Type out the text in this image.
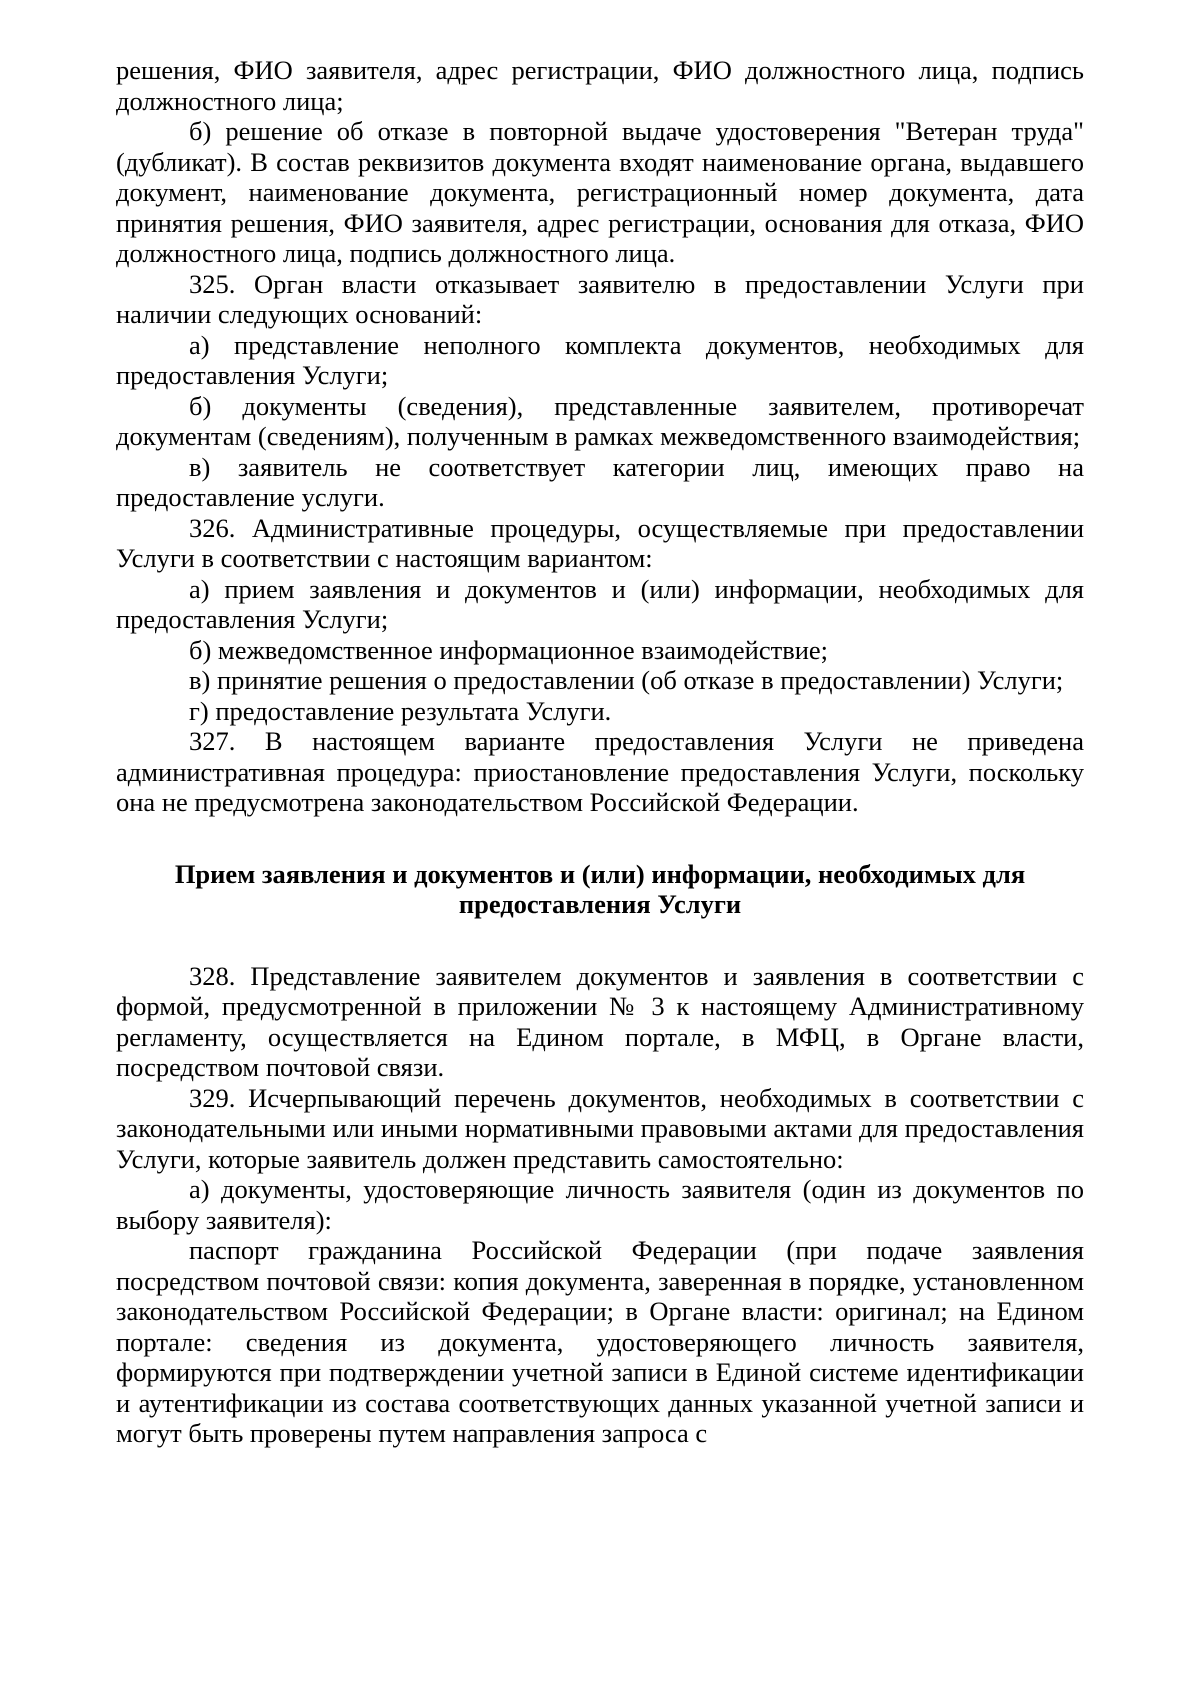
решения, ФИО заявителя, адрес регистрации, ФИО должностного лица, подпись должностного лица;

б) решение об отказе в повторной выдаче удостоверения "Ветеран труда" (дубликат). В состав реквизитов документа входят наименование органа, выдавшего документ, наименование документа, регистрационный номер документа, дата принятия решения, ФИО заявителя, адрес регистрации, основания для отказа, ФИО должностного лица, подпись должностного лица.

325. Орган власти отказывает заявителю в предоставлении Услуги при наличии следующих оснований:

а) представление неполного комплекта документов, необходимых для предоставления Услуги;

б) документы (сведения), представленные заявителем, противоречат документам (сведениям), полученным в рамках межведомственного взаимодействия;

в) заявитель не соответствует категории лиц, имеющих право на предоставление услуги.

326. Административные процедуры, осуществляемые при предоставлении Услуги в соответствии с настоящим вариантом:

а) прием заявления и документов и (или) информации, необходимых для предоставления Услуги;

б) межведомственное информационное взаимодействие;

в) принятие решения о предоставлении (об отказе в предоставлении) Услуги;

г) предоставление результата Услуги.

327. В настоящем варианте предоставления Услуги не приведена административная процедура: приостановление предоставления Услуги, поскольку она не предусмотрена законодательством Российской Федерации.

Прием заявления и документов и (или) информации, необходимых для предоставления Услуги

328. Представление заявителем документов и заявления в соответствии с формой, предусмотренной в приложении № 3 к настоящему Административному регламенту, осуществляется на Едином портале, в МФЦ, в Органе власти, посредством почтовой связи.

329. Исчерпывающий перечень документов, необходимых в соответствии с законодательными или иными нормативными правовыми актами для предоставления Услуги, которые заявитель должен представить самостоятельно:

а) документы, удостоверяющие личность заявителя (один из документов по выбору заявителя):

паспорт гражданина Российской Федерации (при подаче заявления посредством почтовой связи: копия документа, заверенная в порядке, установленном законодательством Российской Федерации; в Органе власти: оригинал; на Едином портале: сведения из документа, удостоверяющего личность заявителя, формируются при подтверждении учетной записи в Единой системе идентификации и аутентификации из состава соответствующих данных указанной учетной записи и могут быть проверены путем направления запроса с
